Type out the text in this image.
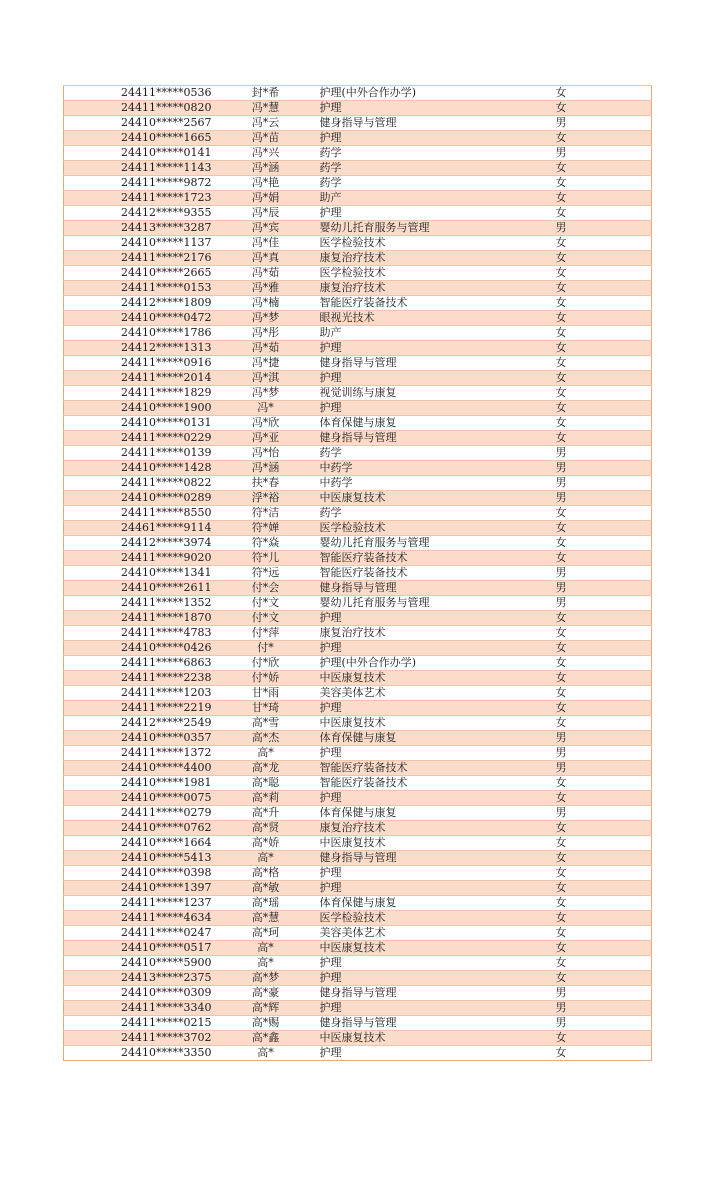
24411*****0536	封*希	护理(中外合作办学)	女
24411*****0820	冯*慧	护理	女
24410*****2567	冯*云	健身指导与管理	男
24410*****1665	冯*苗	护理	女
24410*****0141	冯*兴	药学	男
24411*****1143	冯*涵	药学	女
24411*****9872	冯*艳	药学	女
24411*****1723	冯*娟	助产	女
24412*****9355	冯*辰	护理	女
24413*****3287	冯*宾	婴幼儿托育服务与管理	男
24410*****1137	冯*佳	医学检验技术	女
24411*****2176	冯*真	康复治疗技术	女
24410*****2665	冯*茹	医学检验技术	女
24411*****0153	冯*雅	康复治疗技术	女
24412*****1809	冯*楠	智能医疗装备技术	女
24410*****0472	冯*梦	眼视光技术	女
24410*****1786	冯*彤	助产	女
24412*****1313	冯*茹	护理	女
24411*****0916	冯*捷	健身指导与管理	女
24411*****2014	冯*淇	护理	女
24411*****1829	冯*梦	视觉训练与康复	女
24410*****1900	冯*	护理	女
24410*****0131	冯*欣	体育保健与康复	女
24411*****0229	冯*亚	健身指导与管理	女
24411*****0139	冯*怡	药学	男
24410*****1428	冯*涵	中药学	男
24411*****0822	扶*春	中药学	男
24410*****0289	浮*裕	中医康复技术	男
24411*****8550	符*洁	药学	女
24461*****9114	符*婵	医学检验技术	女
24412*****3974	符*焱	婴幼儿托育服务与管理	女
24411*****9020	符*儿	智能医疗装备技术	女
24410*****1341	符*远	智能医疗装备技术	男
24410*****2611	付*会	健身指导与管理	男
24411*****1352	付*文	婴幼儿托育服务与管理	男
24411*****1870	付*文	护理	女
24411*****4783	付*萍	康复治疗技术	女
24410*****0426	付*	护理	女
24411*****6863	付*欣	护理(中外合作办学)	女
24411*****2238	付*娇	中医康复技术	女
24411*****1203	甘*雨	美容美体艺术	女
24411*****2219	甘*琦	护理	女
24412*****2549	高*雪	中医康复技术	女
24410*****0357	高*杰	体育保健与康复	男
24411*****1372	高*	护理	男
24410*****4400	高*龙	智能医疗装备技术	男
24410*****1981	高*聪	智能医疗装备技术	女
24410*****0075	高*莉	护理	女
24411*****0279	高*升	体育保健与康复	男
24410*****0762	高*贤	康复治疗技术	女
24410*****1664	高*娇	中医康复技术	女
24410*****5413	高*	健身指导与管理	女
24410*****0398	高*格	护理	女
24410*****1397	高*敏	护理	女
24411*****1237	高*瑶	体育保健与康复	女
24411*****4634	高*慧	医学检验技术	女
24411*****0247	高*珂	美容美体艺术	女
24410*****0517	高*	中医康复技术	女
24410*****5900	高*	护理	女
24413*****2375	高*梦	护理	女
24410*****0309	高*豪	健身指导与管理	男
24411*****3340	高*辉	护理	男
24411*****0215	高*赐	健身指导与管理	男
24411*****3702	高*鑫	中医康复技术	女
24410*****3350	高*	护理	女
